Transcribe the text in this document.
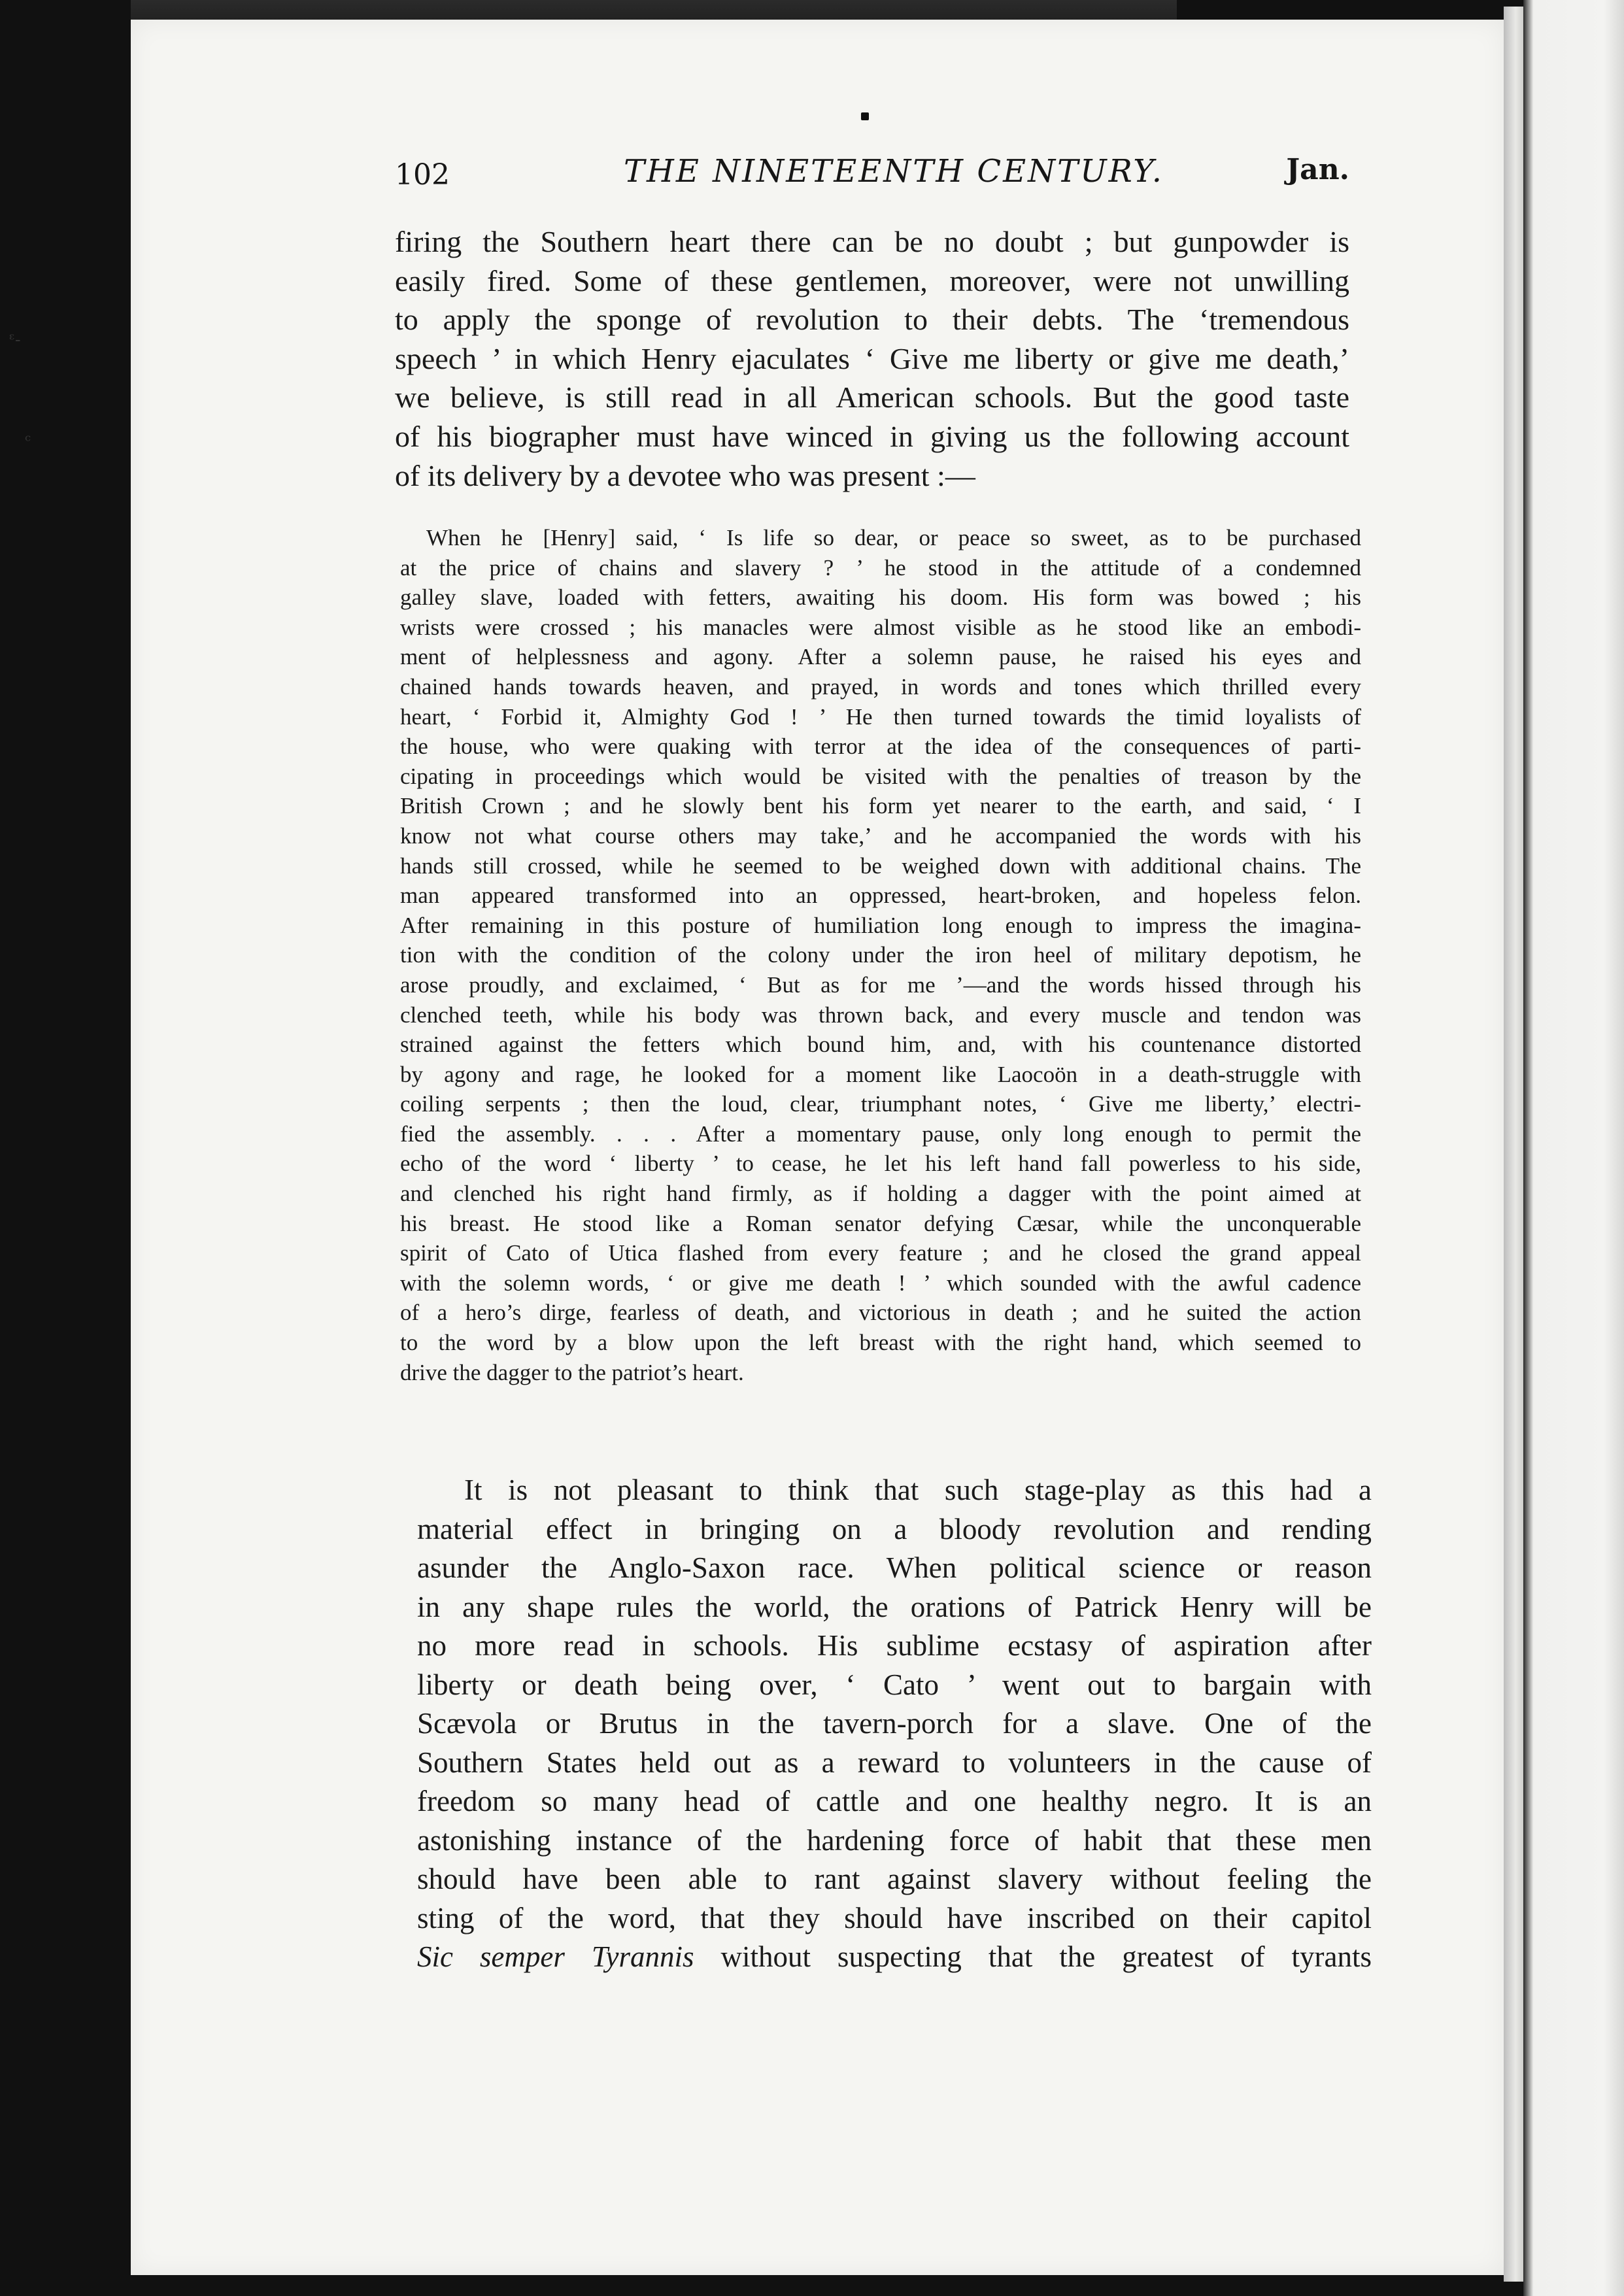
ᵋ‑
ᶜ
102	THE NINETEENTH CENTURY.	Jan.
firing the Southern heart there can be no doubt ; but gunpowder is
easily fired. Some of these gentlemen, moreover, were not unwilling
to apply the sponge of revolution to their debts. The ‘tremendous
speech ’ in which Henry ejaculates ‘ Give me liberty or give me death,’
we believe, is still read in all American schools. But the good taste
of his biographer must have winced in giving us the following account
of its delivery by a devotee who was present :—
When he [Henry] said, ‘ Is life so dear, or peace so sweet, as to be purchased
at the price of chains and slavery ? ’ he stood in the attitude of a condemned
galley slave, loaded with fetters, awaiting his doom. His form was bowed ; his
wrists were crossed ; his manacles were almost visible as he stood like an embodi-
ment of helplessness and agony. After a solemn pause, he raised his eyes and
chained hands towards heaven, and prayed, in words and tones which thrilled every
heart, ‘ Forbid it, Almighty God ! ’ He then turned towards the timid loyalists of
the house, who were quaking with terror at the idea of the consequences of parti-
cipating in proceedings which would be visited with the penalties of treason by the
British Crown ; and he slowly bent his form yet nearer to the earth, and said, ‘ I
know not what course others may take,’ and he accompanied the words with his
hands still crossed, while he seemed to be weighed down with additional chains. The
man appeared transformed into an oppressed, heart-broken, and hopeless felon.
After remaining in this posture of humiliation long enough to impress the imagina-
tion with the condition of the colony under the iron heel of military depotism, he
arose proudly, and exclaimed, ‘ But as for me ’—and the words hissed through his
clenched teeth, while his body was thrown back, and every muscle and tendon was
strained against the fetters which bound him, and, with his countenance distorted
by agony and rage, he looked for a moment like Laocoön in a death-struggle with
coiling serpents ; then the loud, clear, triumphant notes, ‘ Give me liberty,’ electri-
fied the assembly. . . . After a momentary pause, only long enough to permit the
echo of the word ‘ liberty ’ to cease, he let his left hand fall powerless to his side,
and clenched his right hand firmly, as if holding a dagger with the point aimed at
his breast. He stood like a Roman senator defying Cæsar, while the unconquerable
spirit of Cato of Utica flashed from every feature ; and he closed the grand appeal
with the solemn words, ‘ or give me death ! ’ which sounded with the awful cadence
of a hero’s dirge, fearless of death, and victorious in death ; and he suited the action
to the word by a blow upon the left breast with the right hand, which seemed to
drive the dagger to the patriot’s heart.
It is not pleasant to think that such stage-play as this had a
material effect in bringing on a bloody revolution and rending
asunder the Anglo-Saxon race. When political science or reason
in any shape rules the world, the orations of Patrick Henry will be
no more read in schools. His sublime ecstasy of aspiration after
liberty or death being over, ‘ Cato ’ went out to bargain with
Scævola or Brutus in the tavern-porch for a slave. One of the
Southern States held out as a reward to volunteers in the cause of
freedom so many head of cattle and one healthy negro. It is an
astonishing instance of the hardening force of habit that these men
should have been able to rant against slavery without feeling the
sting of the word, that they should have inscribed on their capitol
Sic semper Tyrannis without suspecting that the greatest of tyrants
